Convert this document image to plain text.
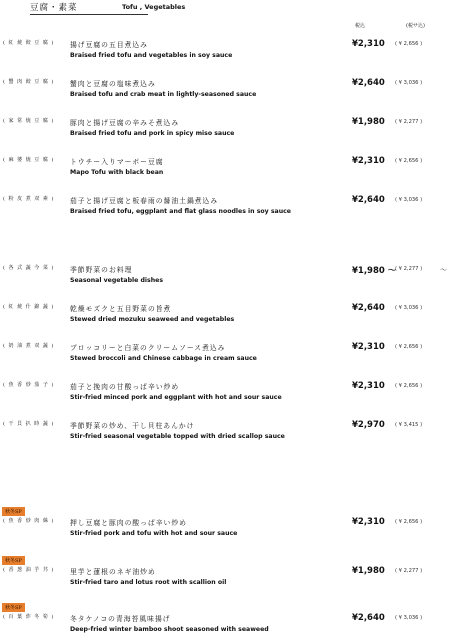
豆腐・素菜	Tofu , Vegetables
税込	(税サ込)
( 紅 焼 餃 豆 腐 ) 揚げ豆腐の五目煮込み
Braised fried tofu and vegetables in soy sauce
¥2,310 ( ¥ 2,656 )
( 蟹 肉 餃 豆 腐 ) 蟹肉と豆腐の塩味煮込み
Braised tofu and crab meat in lightly-seasoned sauce
¥2,640 ( ¥ 3,036 )
( 家 常 焼 豆 腐 ) 豚肉と揚げ豆腐の辛みそ煮込み
Braised fried tofu and pork in spicy miso sauce
¥1,980 ( ¥ 2,277 )
( 麻 婆 焼 豆 腐 ) トウチー入りマーボー豆腐
Mapo Tofu with black bean
¥2,310 ( ¥ 2,656 )
( 粉 皮 煮 双 素 ) 茄子と揚げ豆腐と板春雨の醤油土鍋煮込み
Braised fried tofu, eggplant and flat glass noodles in soy sauce
¥2,640 ( ¥ 3,036 )
( 各 式 蔬 今 菜 ) 季節野菜のお料理
Seasonal vegetable dishes
¥1,980 ～
( ¥ 2,277 )	～
( 紅 焼 什 錦 蔬 ) 乾燥モズクと五目野菜の旨煮
Stewed dried mozuku seaweed and vegetables
¥2,640 ( ¥ 3,036 )
( 奶 油 煮 双 蔬 ) ブロッコリーと白菜のクリームソース煮込み
Stewed broccoli and Chinese cabbage in cream sauce
¥2,310 ( ¥ 2,656 )
( 魚 香 炒 茄 子 ) 茄子と挽肉の甘酸っぱ辛い炒め
Stir-fried minced pork and eggplant with hot and sour sauce
¥2,310 ( ¥ 2,656 )
( 干 貝 扒 時 蔬 ) 季節野菜の炒め、干し貝柱あんかけ
Stir-fried seasonal vegetable topped with dried scallop sauce
¥2,970 ( ¥ 3,415 )
秋冬SP
( 魚 香 炒 肉 絲 ) 押し豆腐と豚肉の酸っぱ辛い炒め
Stir-fried pork and tofu with hot and sour sauce
¥2,310 ( ¥ 2,656 )
秋冬SP
( 香 葱 油 芋 艿 ) 里芋と蓮根のネギ油炒め
Stir-fried taro and lotus root with scallion oil
¥1,980 ( ¥ 2,277 )
秋冬SP
( 百 葉 炸 冬 筍 ) 冬タケノコの青海苔風味揚げ
Deep-fried winter bamboo shoot seasoned with seaweed
¥2,640 ( ¥ 3,036 )
